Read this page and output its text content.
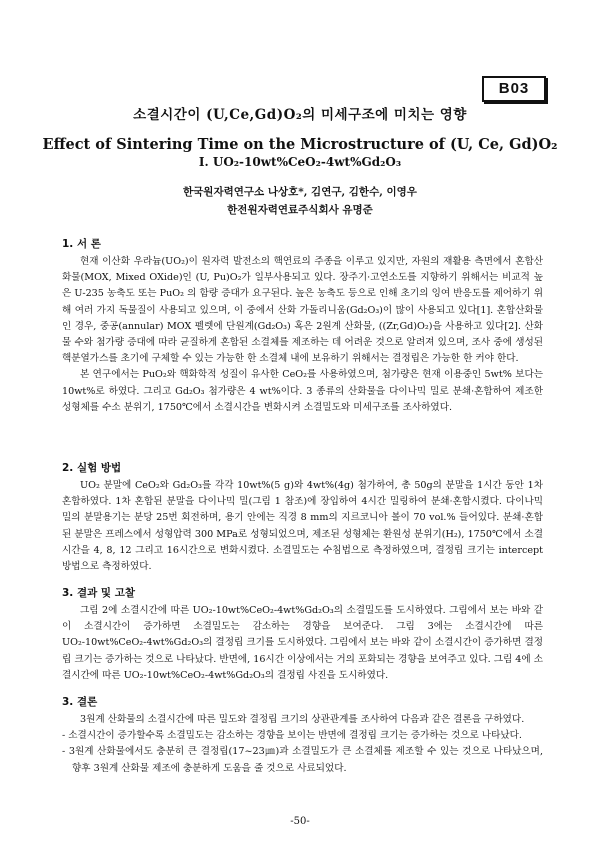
B03
소결시간이 (U,Ce,Gd)O₂의 미세구조에 미치는 영향
Effect of Sintering Time on the Microstructure of (U, Ce, Gd)O₂
I. UO₂-10wt%CeO₂-4wt%Gd₂O₃
한국원자력연구소 나상호*, 김연구, 김한수, 이영우
한전원자력연료주식회사 유명준
1. 서 론

현재 이산화 우라늄(UO₂)이 원자력 발전소의 핵연료의 주종을 이루고 있지만, 자원의 재활용 측면에서 혼합산화물(MOX, Mixed OXide)인 (U, Pu)O₂가 일부사용되고 있다. 장주기·고연소도를 지향하기 위해서는 비교적 높은 U-235 농축도 또는 PuO₂ 의 함량 증대가 요구된다. 높은 농축도 등으로 인해 초기의 잉여 반응도를 제어하기 위해 여러 가지 독물질이 사용되고 있으며, 이 중에서 산화 가돌리니움(Gd₂O₃)이 많이 사용되고 있다[1]. 혼합산화물인 경우, 중공(annular) MOX 펠렛에 단원계(Gd₂O₃) 혹은 2원계 산화물, ((Zr,Gd)O₂)을 사용하고 있다[2]. 산화물 수와 첨가량 증대에 따라 균질하게 혼합된 소결체를 제조하는 데 어려운 것으로 알려져 있으며, 조사 중에 생성된 핵분열가스를 초기에 구체할 수 있는 가능한 한 소결체 내에 보유하기 위해서는 결정립은 가능한 한 커야 한다.

본 연구에서는 PuO₂와 핵화학적 성질이 유사한 CeO₂를 사용하였으며, 첨가량은 현재 이용중인 5wt% 보다는 10wt%로 하였다. 그리고 Gd₂O₃ 첨가량은 4 wt%이다. 3 종류의 산화물을 다이나믹 밀로 분쇄·혼합하여 제조한 성형체를 수소 분위기, 1750℃에서 소결시간을 변화시켜 소결밀도와 미세구조를 조사하였다.

2. 실험 방법

UO₂ 분말에 CeO₂와 Gd₂O₃를 각각 10wt%(5 g)와 4wt%(4g) 첨가하여, 총 50g의 분말을 1시간 동안 1차 혼합하였다. 1차 혼합된 분말을 다이나믹 밀(그림 1 참조)에 장입하여 4시간 밀링하여 분쇄·혼합시켰다. 다이나믹 밀의 분말용기는 분당 25번 회전하며, 용기 안에는 직경 8 mm의 지르코니아 볼이 70 vol.% 들어있다. 분쇄·혼합된 분말은 프레스에서 성형압력 300 MPa로 성형되었으며, 제조된 성형체는 환원성 분위기(H₂), 1750℃에서 소결시간을 4, 8, 12 그리고 16시간으로 변화시켰다. 소결밀도는 수침법으로 측정하였으며, 결정립 크기는 intercept 방법으로 측정하였다.

3. 결과 및 고찰

그림 2에 소결시간에 따른 UO₂-10wt%CeO₂-4wt%Gd₂O₃의 소결밀도를 도시하였다. 그림에서 보는 바와 같이 소결시간이 증가하면 소결밀도는 감소하는 경향을 보여준다. 그림 3에는 소결시간에 따른 UO₂-10wt%CeO₂-4wt%Gd₂O₃의 결정립 크기를 도시하였다. 그림에서 보는 바와 같이 소결시간이 증가하면 결정립 크기는 증가하는 것으로 나타났다. 반면에, 16시간 이상에서는 거의 포화되는 경향을 보여주고 있다. 그림 4에 소결시간에 따른 UO₂-10wt%CeO₂-4wt%Gd₂O₃의 결정립 사진을 도시하였다.

3. 결론

3원계 산화물의 소결시간에 따른 밀도와 결정립 크기의 상관관계를 조사하여 다음과 같은 결론을 구하였다.

- 소결시간이 증가할수록 소결밀도는 감소하는 경향을 보이는 반면에 결정립 크기는 증가하는 것으로 나타났다.

- 3원계 산화물에서도 충분히 큰 결정립(17~23㎛)과 소결밀도가 큰 소결체를 제조할 수 있는 것으로 나타났으며, 향후 3원계 산화물 제조에 충분하게 도움을 줄 것으로 사료되었다.

-50-
